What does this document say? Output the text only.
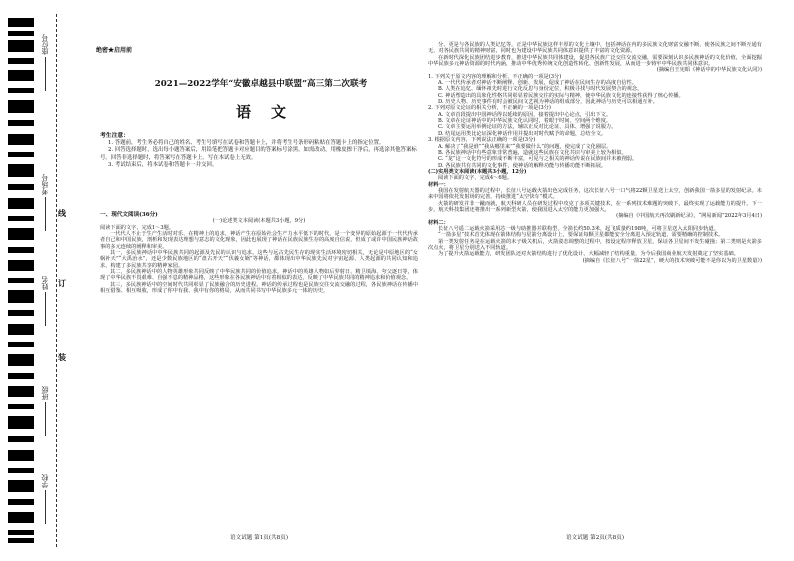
座位号
考场号
姓名
班级
学校
线
订
装
绝密★启用前
2021—2022学年“安徽卓越县中联盟”高三第二次联考
语文
考生注意：

1. 答题前，考生务必将自己的姓名、考生号填写在试卷和答题卡上，并将考生号条形码粘贴在答题卡上的指定位置。

2. 回答选择题时，选出每小题答案后，用铅笔把答题卡对应题目的答案标号涂黑。如需改动，用橡皮擦干净后，再选涂其他答案标号。回答非选择题时，将答案写在答题卡上。写在本试卷上无效。

3. 考试结束后，将本试卷和答题卡一并交回。

一、现代文阅读(36分)
(一)论述类文本阅读(本题共3小题，9分)

阅读下面的文字，完成1～3题。

一代代人不止于生产生活时对乐、在精神上的追求，神话产生在原始社会生产力水平低下的时代，是一个变异的原始起源于一代代传承者自己和中国民族，剖析和发现表达理想与意志的文化现象，因此也展现了神话在民族民族生存的高度自信说，但成了或许中国民族神话故事的多元连续的阐释和审美。

其一，多民族神话中中华民族共同的起源及先民的认识与追求。这些与远古先民生存的现实生活环境密切相关，无论是中原地区的“女娲补天”“大禹治水”，还是少数民族地区的“盘古开天”“伏羲女娲”等神话，都体现出中华民族先民对宇宙起源、人类起源的共同认知和追求，构建了多民族共享的精神家园。

其二，多民族神话中的人物英雄形象共同反映了中华民族共同的价值追求。神话中的英雄人物如后羿射日、精卫填海、夸父逐日等，体现了中华民族不畏艰难、自强不息的精神品格，这些形象在各民族神话中有着相似的表达，反映了中华民族共同的精神追求和价值观念。

其三，多民族神话中的空间时代共同彰显了民族融合的历史进程。神话的传承过程也是民族交往交流交融的过程，各民族神话在传播中相互借鉴、相互吸收，形成了你中有我、我中有你的格局，从而共同书写中华民族多元一体的历史。

语文试题 第1页(共8页)

分、更是与各民族的人类记忆等。正是中华民族这样丰厚的文化土壤中，包括神话在内的多民族文化财富交融不断，使各民族之间不断互通有无，对各民族共同的精神财富，同时也为建设中华民族共同体意识提供了丰富的文化资源。

在新时代深化民族团结进步教育，推进中华民族共同体建设，促进各民族广泛交往交流交融，需要深刻认识多民族神话的文化价值，全面挖掘中华民族多元神话资源的时代内涵，推动中华优秀传统文化创造性转化、创新性发展，从而进一步铸牢中华民族共同体意识。

(摘编自王宪昭《神话中的中华民族文化认同》)

1. 下列关于原文内容的理解和分析，不正确的一项是(3分)

A. 一代代传承者对神话不断阐释、创新、发展，促成了神话在民间生存的高度自信性。

B. 人类在追忆、缅怀祖先时进行文化反思与身份定位，积极寻找与时代发展契合的观念。

C. 神话塑造出的具象化性格共同彰显着民族交往的实际与精神，使中华民族文化的连接性获得了核心传播。

D. 历史人物、历史事件有时会被民间文艺视为神话的组成部分，因此神话与历史可以相通互补。

2. 下列对原文论证的相关分析，不正确的一项是(3分)

A. 文章首段提出中国神话得以延续的原因，接着提出中心论点，引出下文。

B. 文章在论证神话中的中华民族文化认同时，着眼于时间、空间两个维度。

C. 文章主要运用举例论证的方法，辅以正反对比论证，具体、增强了说服力。

D. 结尾运用类比论证深化神话作用并提出对时代赋予的命题，总结全文。

3. 根据原文内容，下列说法正确的一项是(3分)

A. 解决了“我是谁”“我从哪里来”“我要做什么”的问题，使完成了文化圈层。

B. 各民族神话中有些意象非常普遍，造就这些民族在文化共识与审美上较为相似。

C. “龙”这一文化符号的形成不断丰富，可见与之相关的神话传说在民族间并未被削弱。

D. 各民族共有共同的文化事件，使神话的解释功能与传播功能不断拓展。

(二)实用类文本阅读(本题共3小题，12分)

阅读下面的文字，完成4～6题。

材料一：

我国在发射航天器的过程中，长征八号运载火箭出色完成任务，这次长征八号一口气将22颗卫星送上太空，创新我国一箭多星的发射纪录。未来中国将依托发射场的完善，持续推进“太空快车”模式。

火箭的研发并非一蹴而就，航天科研人员在研发过程中攻克了多项关键技术，在一系列技术难题的突破下，最终实现了运载能力的提升。下一步，航天科技集团还将推出一系列新型火箭，使我国进入太空的能力更加强大。

(摘编自《中国航天再次刷新纪录》，“网易新闻”2022年3月4日)

材料二：

长征八号遥二运载火箭采用芯一级与助推器并联构型，全箭长约50.3米，起飞质量约198吨，可将卫星送入太阳同步轨道。

“一箭多星”技术首先体现在箭体结构与星箭分离设计上，要保证每颗卫星都能安全分离进入预定轨道，需要精确的控制技术。

第一类发射任务是在运载火箭的末子级关机后，火箭姿态调整的过程中，按设定程序释放卫星，保证各卫星间不发生碰撞；第二类则是火箭多次点火，将卫星分别送入不同轨道。

为了提升火箭运载能力，研发团队还对火箭结构进行了优化设计，大幅减轻了结构重量，为今后我国商业航天发射奠定了坚实基础。

(摘编自《长征八号“一箭22星”，硬大的技术突破可能不是你以为的卫星数量》)

语文试题 第2页(共8页)
